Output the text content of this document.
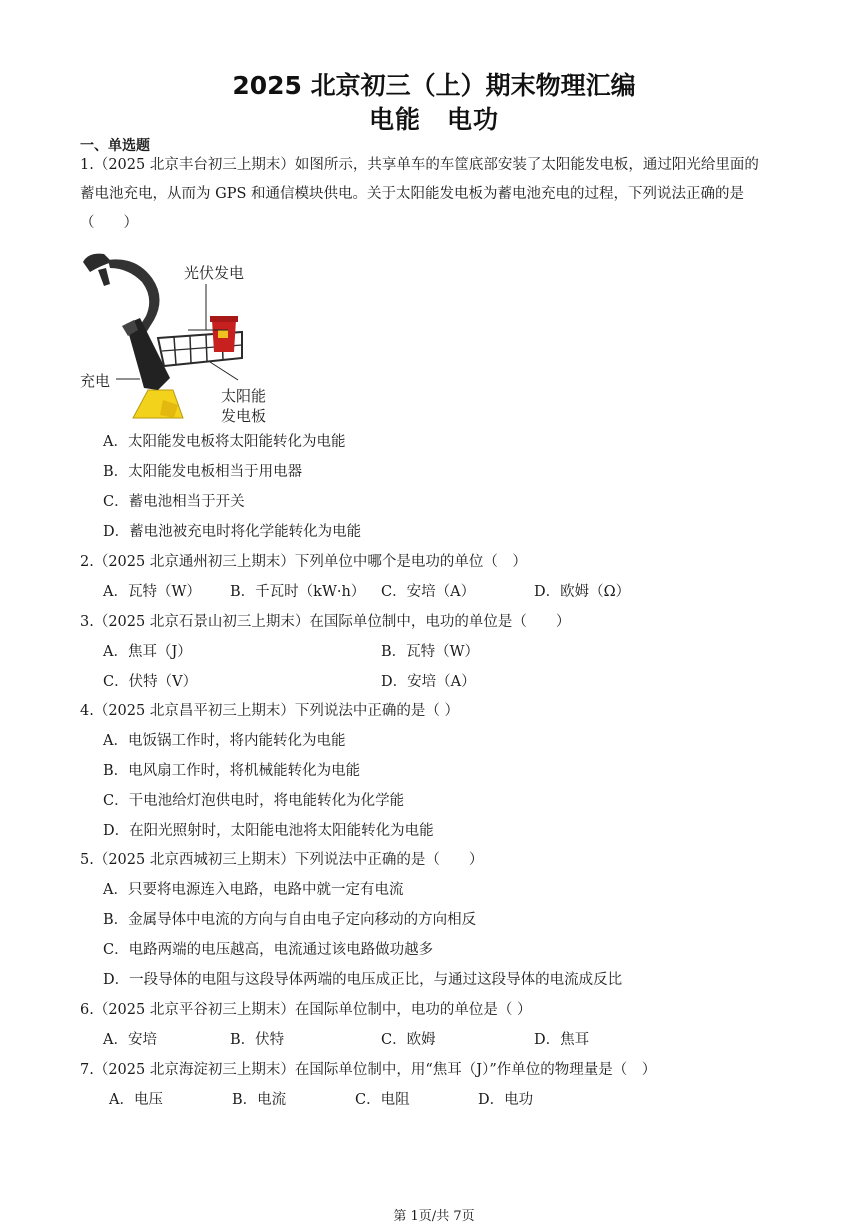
2025 北京初三（上）期末物理汇编
电能 电功
一、单选题
1.（2025 北京丰台初三上期末）如图所示，共享单车的车筐底部安装了太阳能发电板，通过阳光给里面的
蓄电池充电，从而为 GPS 和通信模块供电。关于太阳能发电板为蓄电池充电的过程，下列说法正确的是
（　　）
光伏发电
充电
太阳能
发电板
A．太阳能发电板将太阳能转化为电能
B．太阳能发电板相当于用电器
C．蓄电池相当于开关
D．蓄电池被充电时将化学能转化为电能
2.（2025 北京通州初三上期末）下列单位中哪个是电功的单位（　）
A．瓦特（W） B．千瓦时（kW·h） C．安培（A）	D．欧姆（Ω）
3.（2025 北京石景山初三上期末）在国际单位制中，电功的单位是（　　）
A．焦耳（J）	B．瓦特（W）
C．伏特（V）	D．安培（A）
4.（2025 北京昌平初三上期末）下列说法中正确的是（ ）
A．电饭锅工作时，将内能转化为电能
B．电风扇工作时，将机械能转化为电能
C．干电池给灯泡供电时，将电能转化为化学能
D．在阳光照射时，太阳能电池将太阳能转化为电能
5.（2025 北京西城初三上期末）下列说法中正确的是（　　）
A．只要将电源连入电路，电路中就一定有电流
B．金属导体中电流的方向与自由电子定向移动的方向相反
C．电路两端的电压越高，电流通过该电路做功越多
D．一段导体的电阻与这段导体两端的电压成正比，与通过这段导体的电流成反比
6.（2025 北京平谷初三上期末）在国际单位制中，电功的单位是（ ）
A．安培	B．伏特	C．欧姆	D．焦耳
7.（2025 北京海淀初三上期末）在国际单位制中，用“焦耳（J）”作单位的物理量是（　）
A．电压	B．电流	C．电阻	D．电功
第 1页/共 7页
